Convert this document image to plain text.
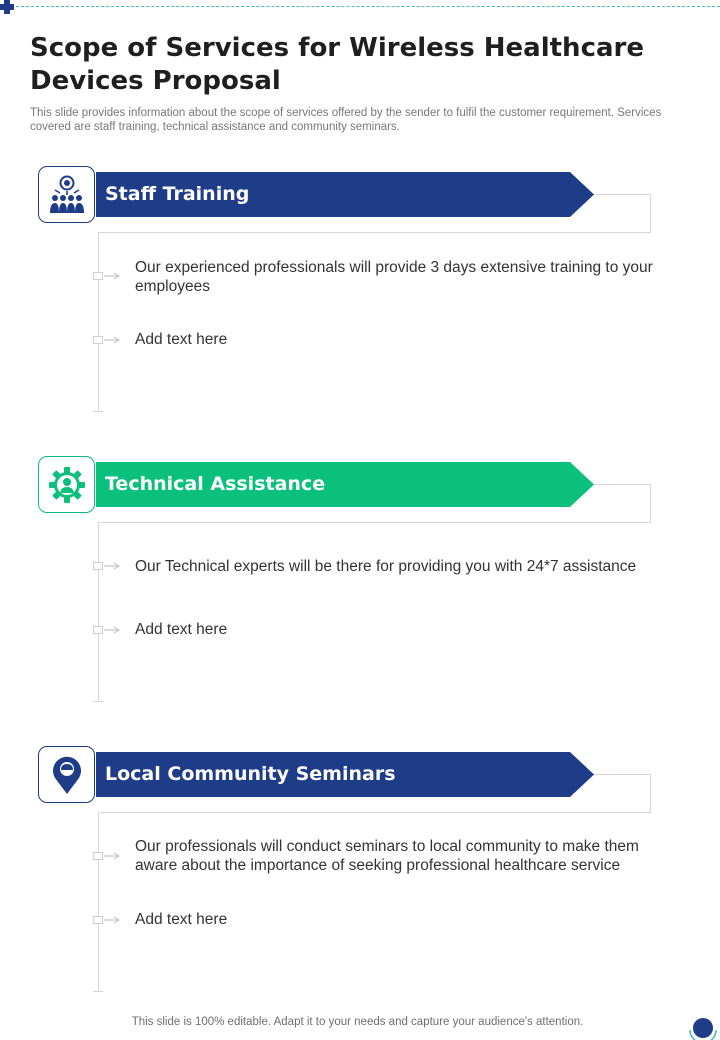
Scope of Services for Wireless Healthcare Devices Proposal

This slide provides information about the scope of services offered by the sender to fulfil the customer requirement. Services covered are staff training, technical assistance and community seminars.

Staff Training

Our experienced professionals will provide 3 days extensive training to your employees

Add text here

Technical Assistance

Our Technical experts will be there for providing you with 24*7 assistance

Add text here

Local Community Seminars

Our professionals will conduct seminars to local community to make them aware about the importance of seeking professional healthcare service

Add text here

This slide is 100% editable. Adapt it to your needs and capture your audience's attention.
